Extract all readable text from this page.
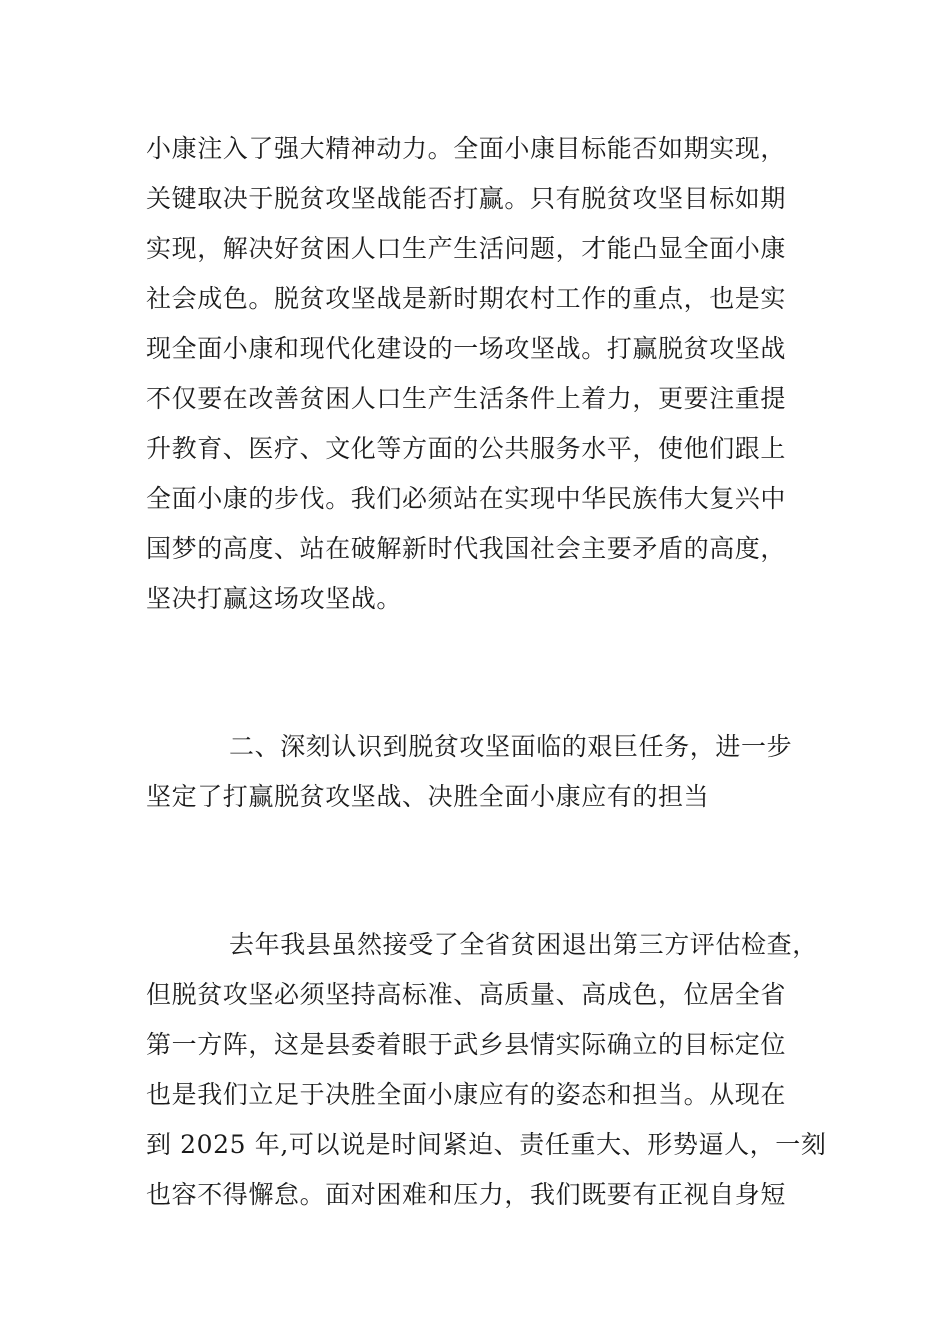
小康注入了强大精神动力。全面小康目标能否如期实现，

关键取决于脱贫攻坚战能否打赢。只有脱贫攻坚目标如期

实现，解决好贫困人口生产生活问题，才能凸显全面小康

社会成色。脱贫攻坚战是新时期农村工作的重点，也是实

现全面小康和现代化建设的一场攻坚战。打赢脱贫攻坚战

不仅要在改善贫困人口生产生活条件上着力，更要注重提

升教育、医疗、文化等方面的公共服务水平，使他们跟上

全面小康的步伐。我们必须站在实现中华民族伟大复兴中

国梦的高度、站在破解新时代我国社会主要矛盾的高度，

坚决打赢这场攻坚战。

二、深刻认识到脱贫攻坚面临的艰巨任务，进一步

坚定了打赢脱贫攻坚战、决胜全面小康应有的担当

去年我县虽然接受了全省贫困退出第三方评估检查，

但脱贫攻坚必须坚持高标准、高质量、高成色，位居全省

第一方阵，这是县委着眼于武乡县情实际确立的目标定位

也是我们立足于决胜全面小康应有的姿态和担当。从现在

到 2025 年,可以说是时间紧迫、责任重大、形势逼人，一刻

也容不得懈怠。面对困难和压力，我们既要有正视自身短
